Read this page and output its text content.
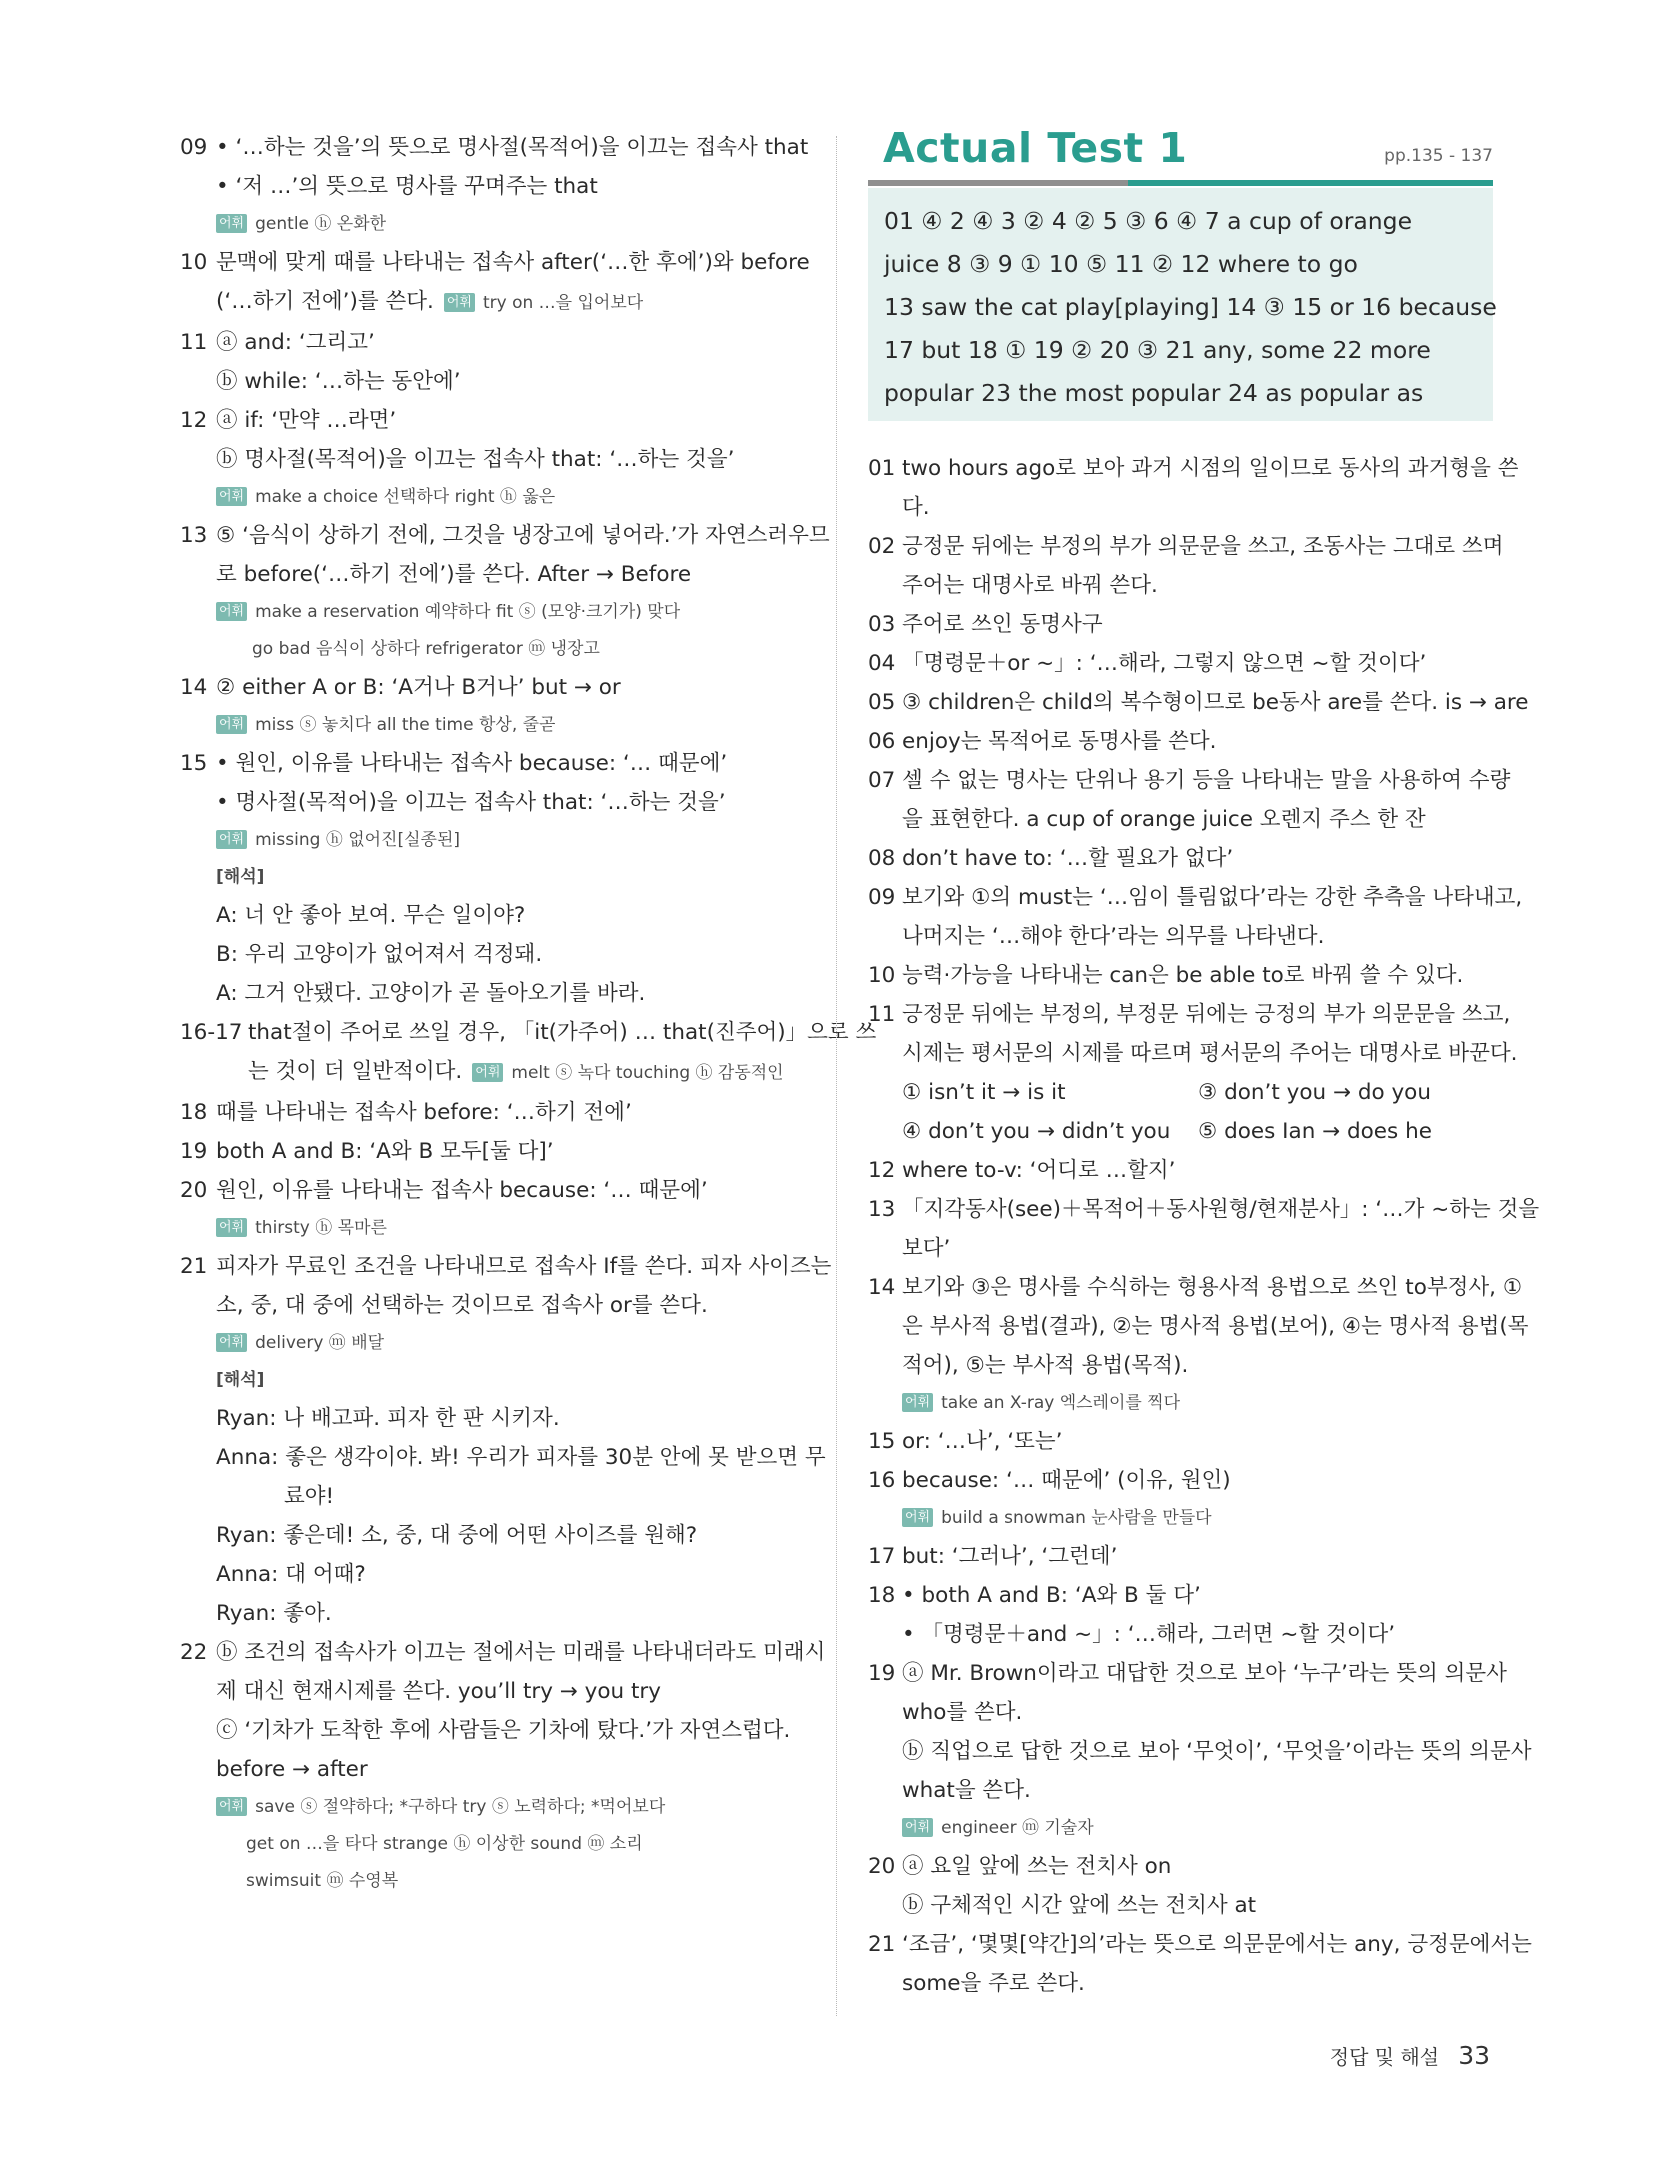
09 • ‘…하는 것을’의 뜻으로 명사절(목적어)을 이끄는 접속사 that
• ‘저 …’의 뜻으로 명사를 꾸며주는 that
어휘 gentle ⓗ 온화한
10 문맥에 맞게 때를 나타내는 접속사 after(‘…한 후에’)와 before
(‘…하기 전에’)를 쓴다. 어휘 try on …을 입어보다
11 ⓐ and: ‘그리고’
ⓑ while: ‘…하는 동안에’
12 ⓐ if: ‘만약 …라면’
ⓑ 명사절(목적어)을 이끄는 접속사 that: ‘…하는 것을’
어휘 make a choice 선택하다 right ⓗ 옳은
13 ⑤ ‘음식이 상하기 전에, 그것을 냉장고에 넣어라.’가 자연스러우므
로 before(‘…하기 전에’)를 쓴다. After → Before
어휘 make a reservation 예약하다 fit ⓢ (모양·크기가) 맞다
go bad 음식이 상하다 refrigerator ⓜ 냉장고
14 ② either A or B: ‘A거나 B거나’ but → or
어휘 miss ⓢ 놓치다 all the time 항상, 줄곧
15 • 원인, 이유를 나타내는 접속사 because: ‘… 때문에’
• 명사절(목적어)을 이끄는 접속사 that: ‘…하는 것을’
어휘 missing ⓗ 없어진[실종된]
[해석]
A: 너 안 좋아 보여. 무슨 일이야?
B: 우리 고양이가 없어져서 걱정돼.
A: 그거 안됐다. 고양이가 곧 돌아오기를 바라.
16-17 that절이 주어로 쓰일 경우, 「it(가주어) … that(진주어)」으로 쓰
는 것이 더 일반적이다. 어휘 melt ⓢ 녹다 touching ⓗ 감동적인
18 때를 나타내는 접속사 before: ‘…하기 전에’
19 both A and B: ‘A와 B 모두[둘 다]’
20 원인, 이유를 나타내는 접속사 because: ‘… 때문에’
어휘 thirsty ⓗ 목마른
21 피자가 무료인 조건을 나타내므로 접속사 If를 쓴다. 피자 사이즈는
소, 중, 대 중에 선택하는 것이므로 접속사 or를 쓴다.
어휘 delivery ⓜ 배달
[해석]
Ryan: 나 배고파. 피자 한 판 시키자.
Anna: 좋은 생각이야. 봐! 우리가 피자를 30분 안에 못 받으면 무
료야!
Ryan: 좋은데! 소, 중, 대 중에 어떤 사이즈를 원해?
Anna: 대 어때?
Ryan: 좋아.
22 ⓑ 조건의 접속사가 이끄는 절에서는 미래를 나타내더라도 미래시
제 대신 현재시제를 쓴다. you’ll try → you try
ⓒ ‘기차가 도착한 후에 사람들은 기차에 탔다.’가 자연스럽다.
before → after
어휘 save ⓢ 절약하다; *구하다 try ⓢ 노력하다; *먹어보다
get on …을 타다 strange ⓗ 이상한 sound ⓜ 소리
swimsuit ⓜ 수영복
Actual Test 1	pp.135 - 137
01 ④ 2 ④ 3 ② 4 ② 5 ③ 6 ④ 7 a cup of orange
juice 8 ③ 9 ① 10 ⑤ 11 ② 12 where to go
13 saw the cat play[playing] 14 ③ 15 or 16 because
17 but 18 ① 19 ② 20 ③ 21 any, some 22 more
popular 23 the most popular 24 as popular as
01 two hours ago로 보아 과거 시점의 일이므로 동사의 과거형을 쓴
다.
02 긍정문 뒤에는 부정의 부가 의문문을 쓰고, 조동사는 그대로 쓰며
주어는 대명사로 바꿔 쓴다.
03 주어로 쓰인 동명사구
04 「명령문＋or ~」: ‘…해라, 그렇지 않으면 ~할 것이다’
05 ③ children은 child의 복수형이므로 be동사 are를 쓴다. is → are
06 enjoy는 목적어로 동명사를 쓴다.
07 셀 수 없는 명사는 단위나 용기 등을 나타내는 말을 사용하여 수량
을 표현한다. a cup of orange juice 오렌지 주스 한 잔
08 don’t have to: ‘…할 필요가 없다’
09 보기와 ①의 must는 ‘…임이 틀림없다’라는 강한 추측을 나타내고,
나머지는 ‘…해야 한다’라는 의무를 나타낸다.
10 능력·가능을 나타내는 can은 be able to로 바꿔 쓸 수 있다.
11 긍정문 뒤에는 부정의, 부정문 뒤에는 긍정의 부가 의문문을 쓰고,
시제는 평서문의 시제를 따르며 평서문의 주어는 대명사로 바꾼다.
③ don’t you → do you
① isn’t it → is it
⑤ does Ian → does he
④ don’t you → didn’t you
12 where to-v: ‘어디로 …할지’
13 「지각동사(see)＋목적어＋동사원형/현재분사」: ‘…가 ~하는 것을
보다’
14 보기와 ③은 명사를 수식하는 형용사적 용법으로 쓰인 to부정사, ①
은 부사적 용법(결과), ②는 명사적 용법(보어), ④는 명사적 용법(목
적어), ⑤는 부사적 용법(목적).
어휘 take an X-ray 엑스레이를 찍다
15 or: ‘…나’, ‘또는’
16 because: ‘… 때문에’ (이유, 원인)
어휘 build a snowman 눈사람을 만들다
17 but: ‘그러나’, ‘그런데’
18 • both A and B: ‘A와 B 둘 다’
• 「명령문＋and ~」: ‘…해라, 그러면 ~할 것이다’
19 ⓐ Mr. Brown이라고 대답한 것으로 보아 ‘누구’라는 뜻의 의문사
who를 쓴다.
ⓑ 직업으로 답한 것으로 보아 ‘무엇이’, ‘무엇을’이라는 뜻의 의문사
what을 쓴다.
어휘 engineer ⓜ 기술자
20 ⓐ 요일 앞에 쓰는 전치사 on
ⓑ 구체적인 시간 앞에 쓰는 전치사 at
21 ‘조금’, ‘몇몇[약간]의’라는 뜻으로 의문문에서는 any, 긍정문에서는
some을 주로 쓴다.
정답 및 해설 33
